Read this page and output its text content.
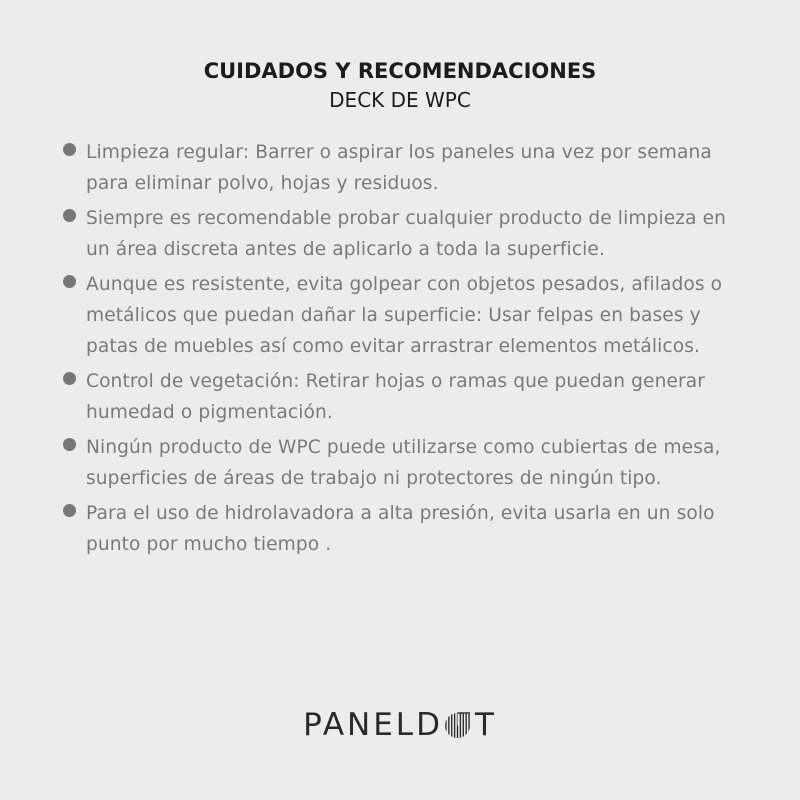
CUIDADOS Y RECOMENDACIONES
DECK DE WPC
Limpieza regular: Barrer o aspirar los paneles una vez por semana para eliminar polvo, hojas y residuos.
Siempre es recomendable probar cualquier producto de limpieza en un área discreta antes de aplicarlo a toda la superficie.
Aunque es resistente, evita golpear con objetos pesados, afilados o metálicos que puedan dañar la superficie: Usar felpas en bases y patas de muebles así como evitar arrastrar elementos metálicos.
Control de vegetación: Retirar hojas o ramas que puedan generar humedad o pigmentación.
Ningún producto de WPC puede utilizarse como cubiertas de mesa, superficies de áreas de trabajo ni protectores de ningún tipo.
Para el uso de hidrolavadora a alta presión, evita usarla en un solo punto por mucho tiempo .
PANELD T
